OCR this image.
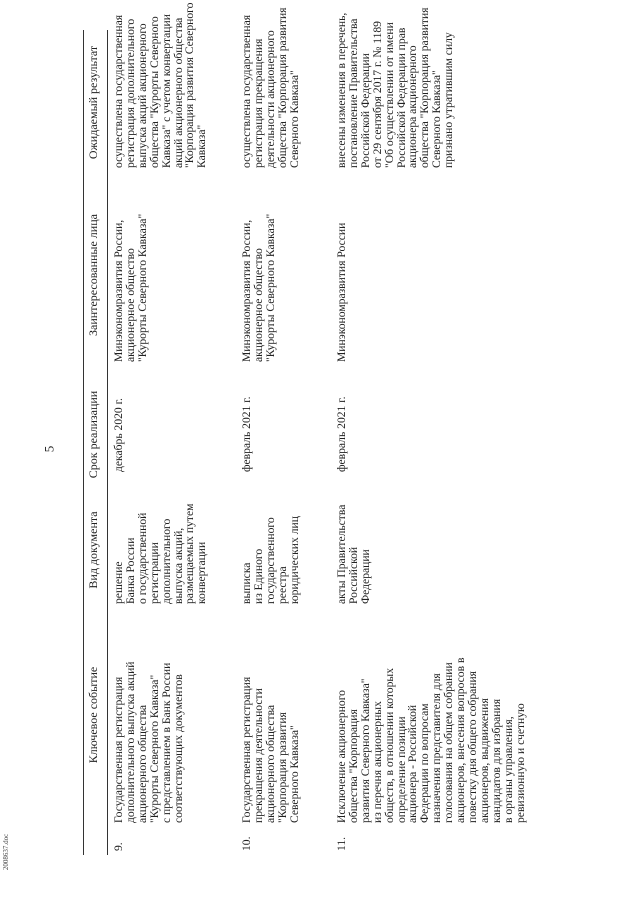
5
2008637.doc
Ключевое событие
Вид документа
Срок реализации
Заинтересованные лица
Ожидаемый результат
9.
Государственная регистрация
дополнительного выпуска акций
акционерного общества
"Курорты Северного Кавказа"
с представлением в Банк России
соответствующих документов
решение
Банка России
о государственной
регистрации
дополнительного
выпуска акций,
размещаемых путем
конвертации
декабрь 2020 г.
Минэкономразвития России,
акционерное общество
"Курорты Северного Кавказа"
осуществлена государственная
регистрация дополнительного
выпуска акций акционерного
общества "Курорты Северного
Кавказа" с учетом конвертации
акций акционерного общества
"Корпорация развития Северного
Кавказа"
10.
Государственная регистрация
прекращения деятельности
акционерного общества
"Корпорация развития
Северного Кавказа"
выписка
из Единого
государственного
реестра
юридических лиц
февраль 2021 г.
Минэкономразвития России,
акционерное общество
"Курорты Северного Кавказа"
осуществлена государственная
регистрация прекращения
деятельности акционерного
общества "Корпорация развития
Северного Кавказа"
11.
Исключение акционерного
общества "Корпорация
развития Северного Кавказа"
из перечня акционерных
обществ, в отношении которых
определение позиции
акционера - Российской
Федерации по вопросам
назначения представителя для
голосования на общем собрании
акционеров, внесения вопросов в
повестку дня общего собрания
акционеров, выдвижения
кандидатов для избрания
в органы управления,
ревизионную и счетную
акты Правительства
Российской
Федерации
февраль 2021 г.
Минэкономразвития России
внесены изменения в перечень,
постановление Правительства
Российской Федерации
от 29 сентября 2017 г. № 1189
"Об осуществлении от имени
Российской Федерации прав
акционера акционерного
общества "Корпорация развития
Северного Кавказа"
признано утратившим силу
